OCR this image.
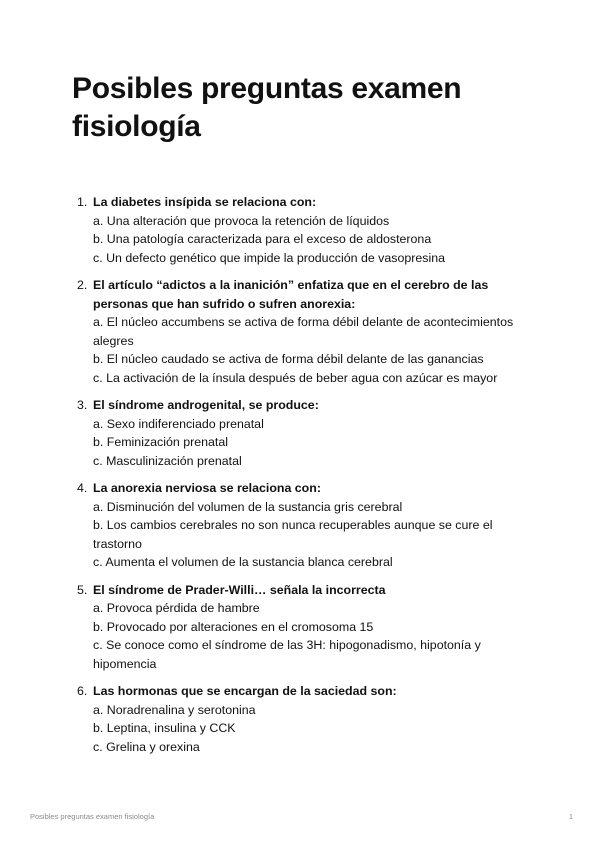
Posibles preguntas examen fisiología
1. La diabetes insípida se relaciona con:
a. Una alteración que provoca la retención de líquidos
b. Una patología caracterizada para el exceso de aldosterona
c. Un defecto genético que impide la producción de vasopresina
2. El artículo “adictos a la inanición” enfatiza que en el cerebro de las personas que han sufrido o sufren anorexia:
a. El núcleo accumbens se activa de forma débil delante de acontecimientos alegres
b. El núcleo caudado se activa de forma débil delante de las ganancias
c. La activación de la ínsula después de beber agua con azúcar es mayor
3. El síndrome androgenital, se produce:
a. Sexo indiferenciado prenatal
b. Feminización prenatal
c. Masculinización prenatal
4. La anorexia nerviosa se relaciona con:
a. Disminución del volumen de la sustancia gris cerebral
b. Los cambios cerebrales no son nunca recuperables aunque se cure el trastorno
c. Aumenta el volumen de la sustancia blanca cerebral
5. El síndrome de Prader-Willi… señala la incorrecta
a. Provoca pérdida de hambre
b. Provocado por alteraciones en el cromosoma 15
c. Se conoce como el síndrome de las 3H: hipogonadismo, hipotonía y hipomencia
6. Las hormonas que se encargan de la saciedad son:
a. Noradrenalina y serotonina
b. Leptina, insulina y CCK
c. Grelina y orexina
Posibles preguntas examen fisiología	1
